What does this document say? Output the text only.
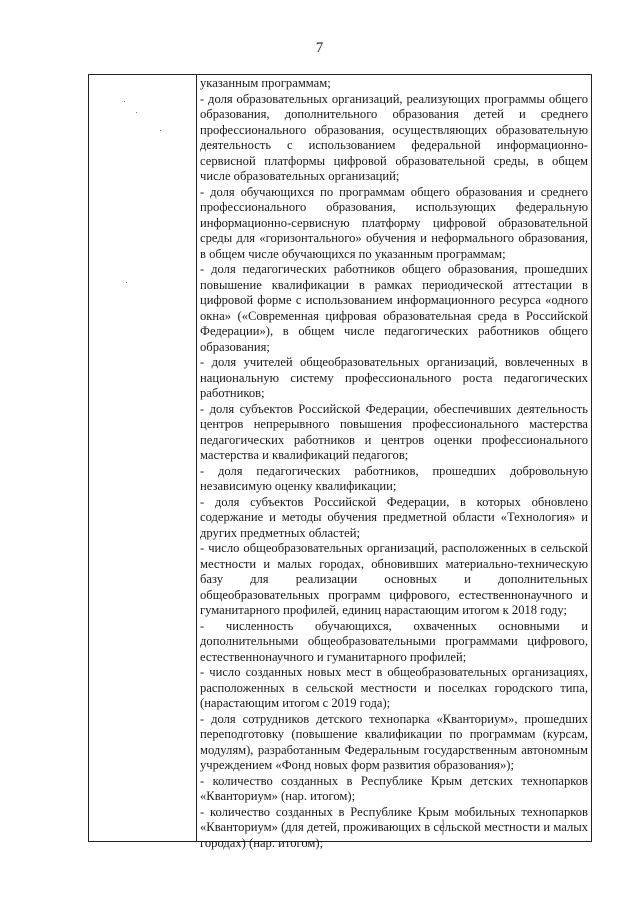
7

указанным программам;

- доля образовательных организаций, реализующих программы общего образования, дополнительного образования детей и среднего профессионального образования, осуществляющих образовательную деятельность с использованием федеральной информационно-сервисной платформы цифровой образовательной среды, в общем числе образовательных организаций;

- доля обучающихся по программам общего образования и среднего профессионального образования, использующих федеральную информационно-сервисную платформу цифровой образовательной среды для «горизонтального» обучения и неформального образования, в общем числе обучающихся по указанным программам;

- доля педагогических работников общего образования, прошедших повышение квалификации в рамках периодической аттестации в цифровой форме с использованием информационного ресурса «одного окна» («Современная цифровая образовательная среда в Российской Федерации»), в общем числе педагогических работников общего образования;

- доля учителей общеобразовательных организаций, вовлеченных в национальную систему профессионального роста педагогических работников;

- доля субъектов Российской Федерации, обеспечивших деятельность центров непрерывного повышения профессионального мастерства педагогических работников и центров оценки профессионального мастерства и квалификаций педагогов;

- доля педагогических работников, прошедших добровольную независимую оценку квалификации;

- доля субъектов Российской Федерации, в которых обновлено содержание и методы обучения предметной области «Технология» и других предметных областей;

- число общеобразовательных организаций, расположенных в сельской местности и малых городах, обновивших материально-техническую базу для реализации основных и дополнительных общеобразовательных программ цифрового, естественнонаучного и гуманитарного профилей, единиц нарастающим итогом к 2018 году;

- численность обучающихся, охваченных основными и дополнительными общеобразовательными программами цифрового, естественнонаучного и гуманитарного профилей;

- число созданных новых мест в общеобразовательных организациях, расположенных в сельской местности и поселках городского типа, (нарастающим итогом с 2019 года);

- доля сотрудников детского технопарка «Кванториум», прошедших переподготовку (повышение квалификации по программам (курсам, модулям), разработанным Федеральным государственным автономным учреждением «Фонд новых форм развития образования»);

- количество созданных в Республике Крым детских технопарков «Кванториум» (нар. итогом);

- количество созданных в Республике Крым мобильных технопарков «Кванториум» (для детей, проживающих в сельской местности и малых городах) (нар. итогом);
